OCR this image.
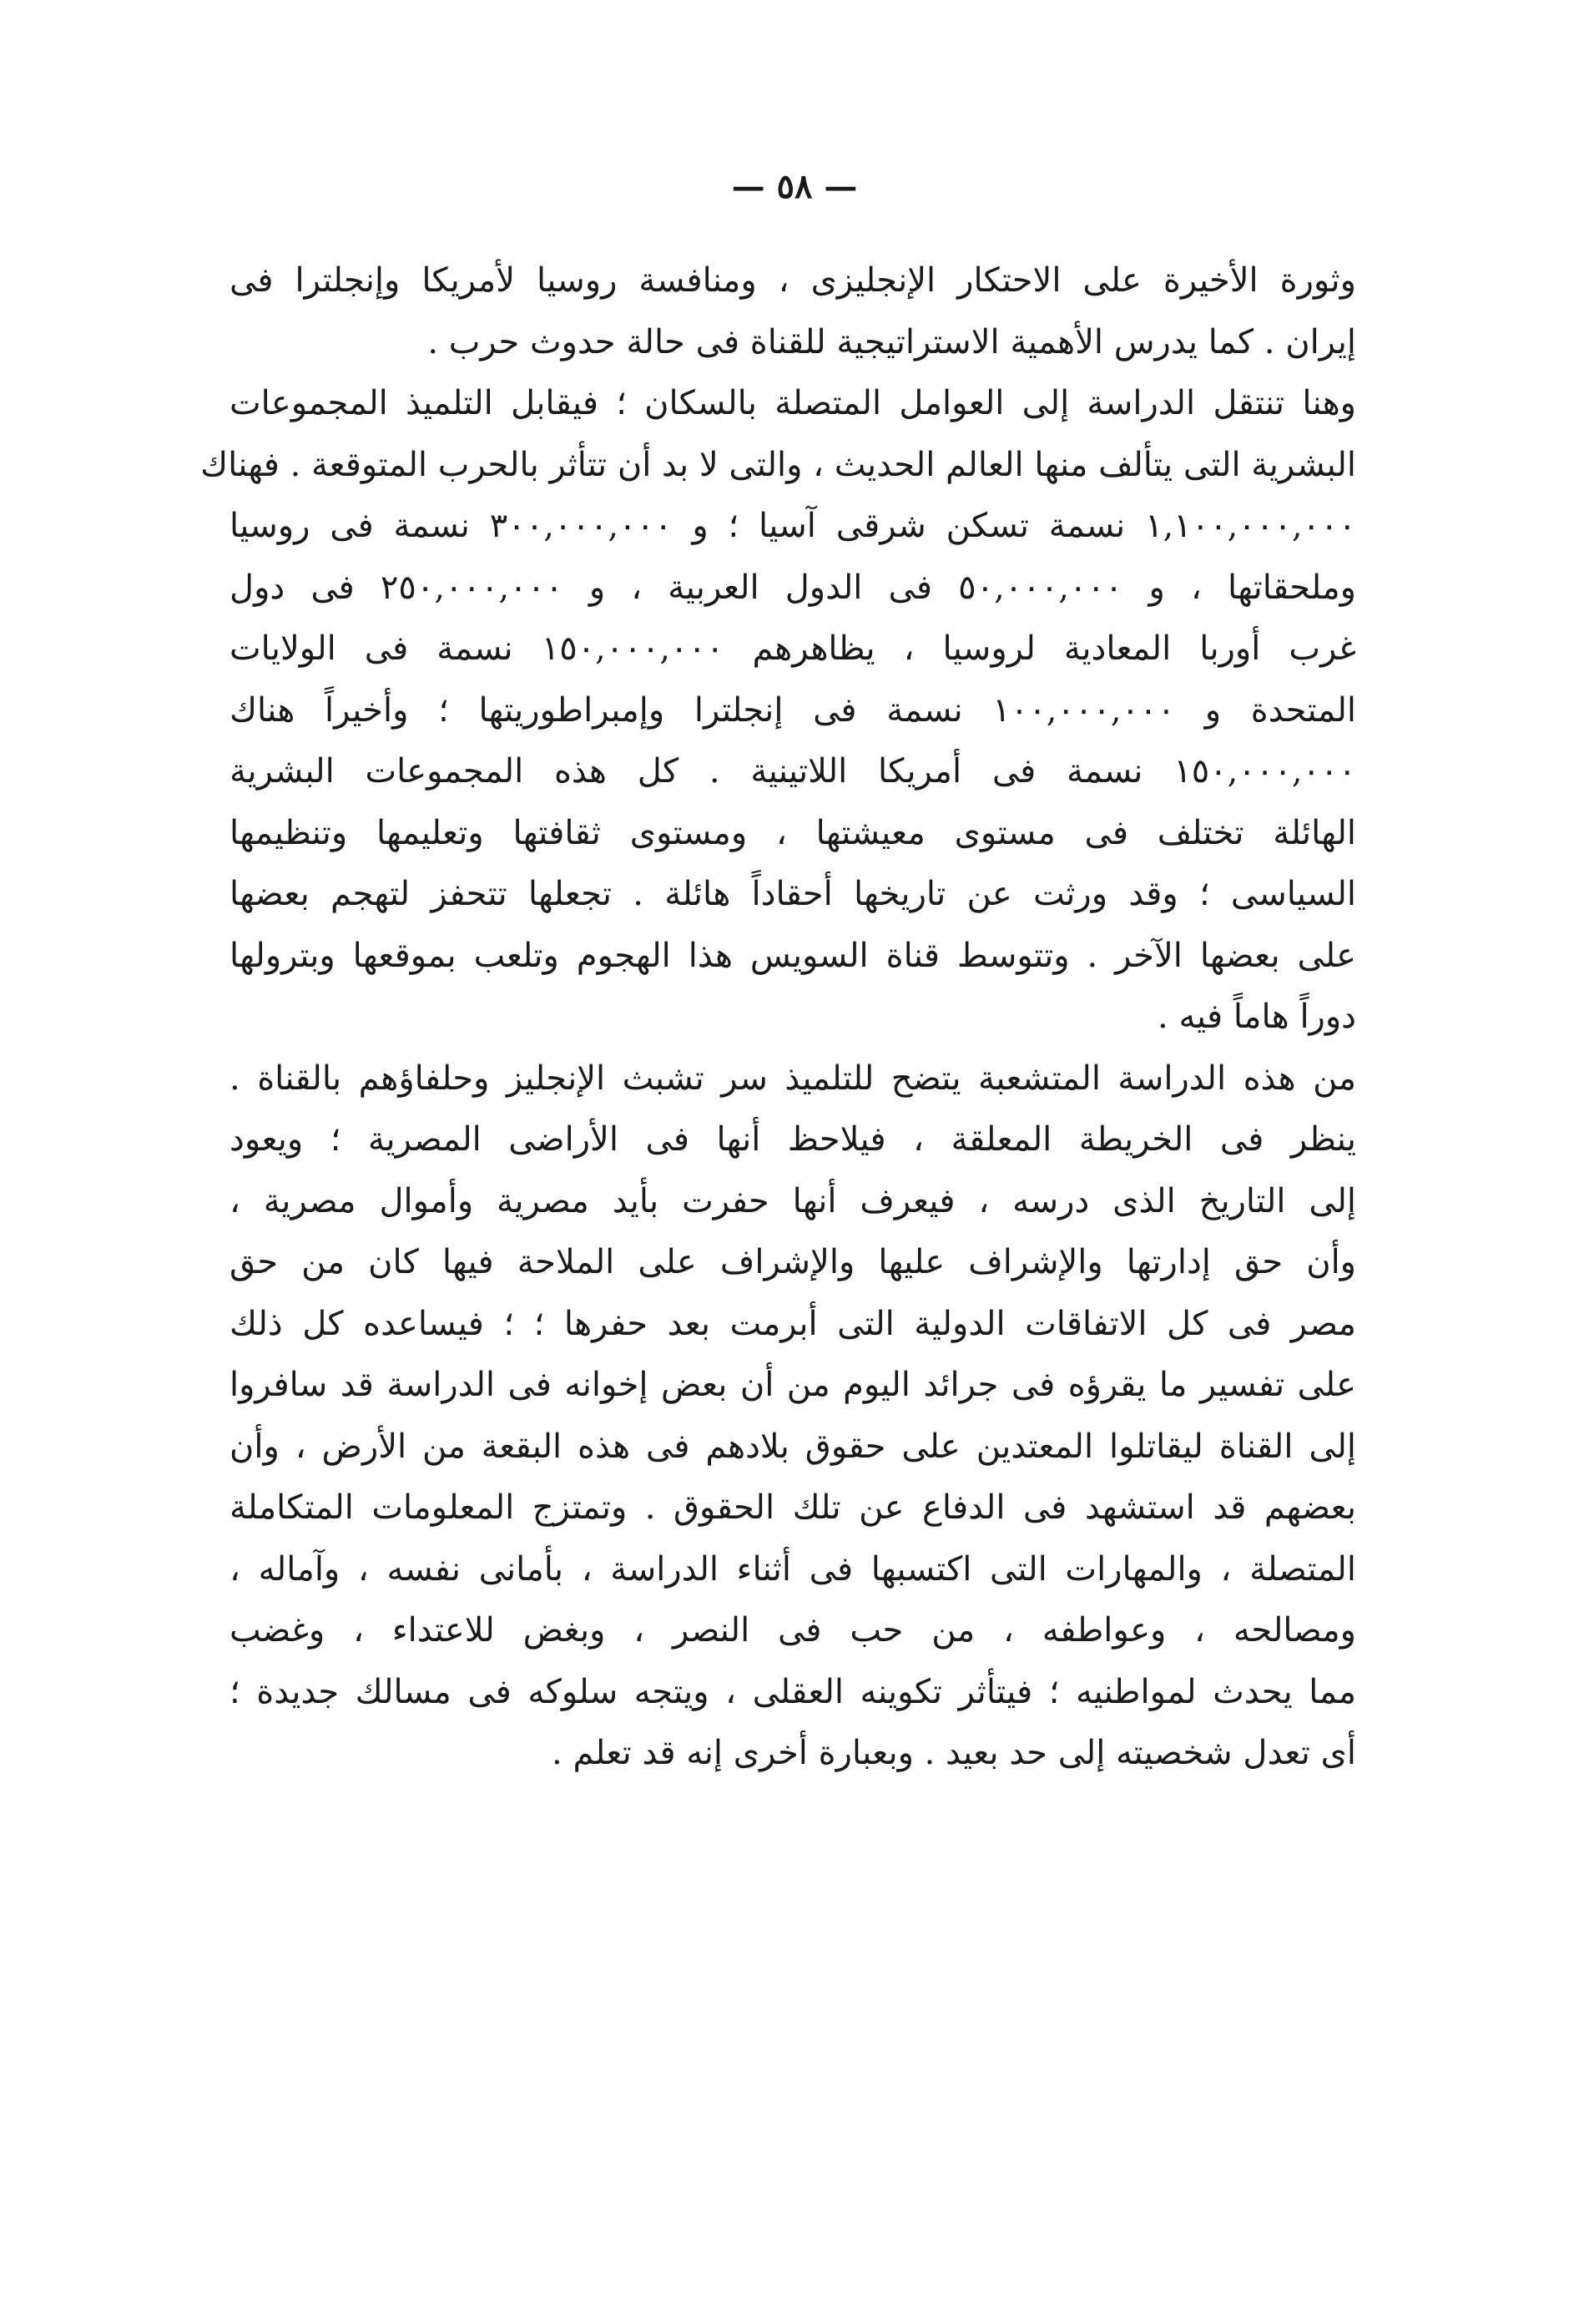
— ٥٨ —
وثورة الأخيرة على الاحتكار الإنجليزى ، ومنافسة روسيا لأمريكا وإنجلترا فى
إيران . كما يدرس الأهمية الاستراتيجية للقناة فى حالة حدوث حرب .
وهنا تنتقل الدراسة إلى العوامل المتصلة بالسكان ؛ فيقابل التلميذ المجموعات
البشرية التى يتألف منها العالم الحديث ، والتى لا بد أن تتأثر بالحرب المتوقعة . فهناك
١,١٠٠,٠٠٠,٠٠٠ نسمة تسكن شرقى آسيا ؛ و ٣٠٠,٠٠٠,٠٠٠ نسمة فى روسيا
وملحقاتها ، و ٥٠,٠٠٠,٠٠٠ فى الدول العربية ، و ٢٥٠,٠٠٠,٠٠٠ فى دول
غرب أوربا المعادية لروسيا ، يظاهرهم ١٥٠,٠٠٠,٠٠٠ نسمة فى الولايات
المتحدة و ١٠٠,٠٠٠,٠٠٠ نسمة فى إنجلترا وإمبراطوريتها ؛ وأخيراً هناك
١٥٠,٠٠٠,٠٠٠ نسمة فى أمريكا اللاتينية . كل هذه المجموعات البشرية
الهائلة تختلف فى مستوى معيشتها ، ومستوى ثقافتها وتعليمها وتنظيمها
السياسى ؛ وقد ورثت عن تاريخها أحقاداً هائلة . تجعلها تتحفز لتهجم بعضها
على بعضها الآخر . وتتوسط قناة السويس هذا الهجوم وتلعب بموقعها وبترولها
دوراً هاماً فيه .
من هذه الدراسة المتشعبة يتضح للتلميذ سر تشبث الإنجليز وحلفاؤهم بالقناة .
ينظر فى الخريطة المعلقة ، فيلاحظ أنها فى الأراضى المصرية ؛ ويعود
إلى التاريخ الذى درسه ، فيعرف أنها حفرت بأيد مصرية وأموال مصرية ،
وأن حق إدارتها والإشراف عليها والإشراف على الملاحة فيها كان من حق
مصر فى كل الاتفاقات الدولية التى أبرمت بعد حفرها ؛ ؛ فيساعده كل ذلك
على تفسير ما يقرؤه فى جرائد اليوم من أن بعض إخوانه فى الدراسة قد سافروا
إلى القناة ليقاتلوا المعتدين على حقوق بلادهم فى هذه البقعة من الأرض ، وأن
بعضهم قد استشهد فى الدفاع عن تلك الحقوق . وتمتزج المعلومات المتكاملة
المتصلة ، والمهارات التى اكتسبها فى أثناء الدراسة ، بأمانى نفسه ، وآماله ،
ومصالحه ، وعواطفه ، من حب فى النصر ، وبغض للاعتداء ، وغضب
مما يحدث لمواطنيه ؛ فيتأثر تكوينه العقلى ، ويتجه سلوكه فى مسالك جديدة ؛
أى تعدل شخصيته إلى حد بعيد . وبعبارة أخرى إنه قد تعلم .
